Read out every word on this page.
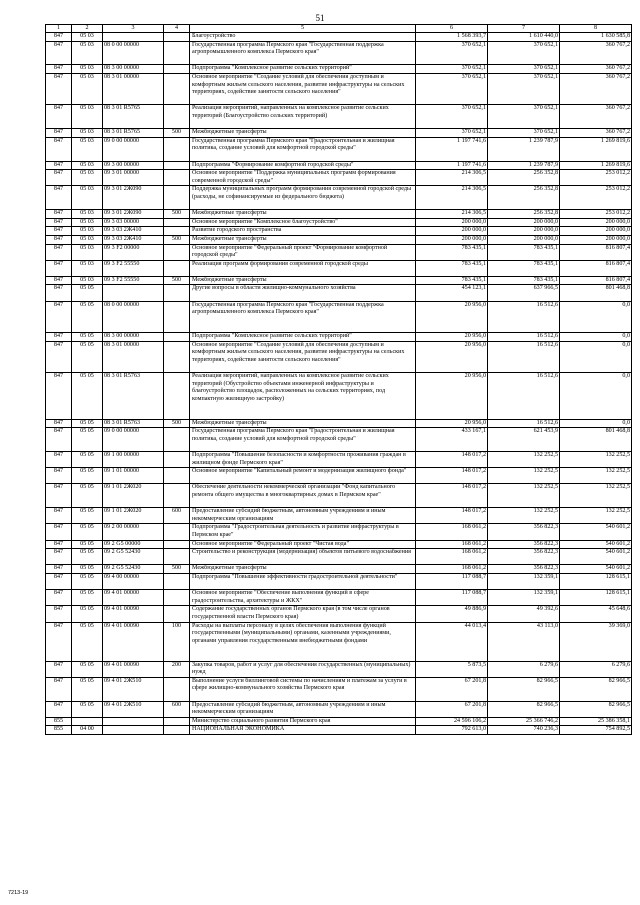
51
1	2	3	4	5	6	7	8
847	05 03			Благоустройство	1 568 393,7	1 610 440,0	1 630 585,8
847	05 03	08 0 00 00000		Государственная программа Пермского края "Государственная поддержка агропромышленного комплекса Пермского края"	370 652,1	370 652,1	360 767,2
847	05 03	08 3 00 00000		Подпрограмма "Комплексное развитие сельских территорий"	370 652,1	370 652,1	360 767,2
847	05 03	08 3 01 00000		Основное мероприятие "Создание условий для обеспечения доступным и комфортным жильем сельского населения, развитие инфраструктуры на сельских территориях, содействие занятости сельского населения"	370 652,1	370 652,1	360 767,2
847	05 03	08 3 01 R5765		Реализация мероприятий, направленных на комплексное развитие сельских территорий (Благоустройство сельских территорий)	370 652,1	370 652,1	360 767,2
847	05 03	08 3 01 R5765	500	Межбюджетные трансферты	370 652,1	370 652,1	360 767,2
847	05 03	09 0 00 00000		Государственная программа Пермского края "Градостроительная и жилищная политика, создание условий для комфортной городской среды"	1 197 741,6	1 239 787,9	1 269 819,6
847	05 03	09 3 00 00000		Подпрограмма "Формирование комфортной городской среды"	1 197 741,6	1 239 787,9	1 269 819,6
847	05 03	09 3 01 00000		Основное мероприятие "Поддержка муниципальных программ формирования современной городской среды"	214 306,5	256 352,8	253 012,2
847	05 03	09 3 01 2Ж090		Поддержка муниципальных программ формирования современной городской среды (расходы, не софинансируемые из федерального бюджета)	214 306,5	256 352,8	253 012,2
847	05 03	09 3 01 2Ж090	500	Межбюджетные трансферты	214 306,5	256 352,8	253 012,2
847	05 03	09 3 03 00000		Основное мероприятие "Комплексное благоустройство"	200 000,0	200 000,0	200 000,0
847	05 03	09 3 03 2Ж410		Развитие городского пространства	200 000,0	200 000,0	200 000,0
847	05 03	09 3 03 2Ж410	500	Межбюджетные трансферты	200 000,0	200 000,0	200 000,0
847	05 03	09 3 F2 00000		Основное мероприятие "Федеральный проект "Формирование комфортной городской среды"	783 435,1	783 435,1	816 807,4
847	05 03	09 3 F2 55550		Реализация программ формирования современной городской среды	783 435,1	783 435,1	816 807,4
847	05 03	09 3 F2 55550	500	Межбюджетные трансферты	783 435,1	783 435,1	816 807,4
847	05 05			Другие вопросы в области жилищно-коммунального хозяйства	454 123,1	637 966,5	801 468,8
847	05 05	08 0 00 00000		Государственная программа Пермского края "Государственная поддержка агропромышленного комплекса Пермского края"	20 956,0	16 512,6	0,0
847	05 05	08 3 00 00000		Подпрограмма "Комплексное развитие сельских территорий"	20 956,0	16 512,6	0,0
847	05 05	08 3 01 00000		Основное мероприятие "Создание условий для обеспечения доступным и комфортным жильем сельского населения, развитие инфраструктуры на сельских территориях, содействие занятости сельского населения"	20 956,0	16 512,6	0,0
847	05 05	08 3 01 R5763		Реализация мероприятий, направленных на комплексное развитие сельских территорий (Обустройство объектами инженерной инфраструктуры и благоустройство площадок, расположенных на сельских территориях, под компактную жилищную застройку)	20 956,0	16 512,6	0,0
847	05 05	08 3 01 R5763	500	Межбюджетные трансферты	20 956,0	16 512,6	0,0
847	05 05	09 0 00 00000		Государственная программа Пермского края "Градостроительная и жилищная политика, создание условий для комфортной городской среды"	433 167,1	621 453,9	801 468,8
847	05 05	09 1 00 00000		Подпрограмма "Повышение безопасности и комфортности проживания граждан в жилищном фонде Пермского края"	148 017,2	132 252,5	132 252,5
847	05 05	09 1 01 00000		Основное мероприятие "Капитальный ремонт и модернизация жилищного фонда"	148 017,2	132 252,5	132 252,5
847	05 05	09 1 01 2Ж020		Обеспечение деятельности некоммерческой организации "Фонд капитального ремонта общего имущества в многоквартирных домах в Пермском крае"	148 017,2	132 252,5	132 252,5
847	05 05	09 1 01 2Ж020	600	Предоставление субсидий бюджетным, автономным учреждениям и иным некоммерческим организациям	148 017,2	132 252,5	132 252,5
847	05 05	09 2 00 00000		Подпрограмма "Градостроительная деятельность и развитие инфраструктуры в Пермском крае"	168 061,2	356 822,3	540 601,2
847	05 05	09 2 G5 00000		Основное мероприятие "Федеральный проект "Чистая вода"	168 061,2	356 822,3	540 601,2
847	05 05	09 2 G5 52430		Строительство и реконструкция (модернизация) объектов питьевого водоснабжения	168 061,2	356 822,3	540 601,2
847	05 05	09 2 G5 52430	500	Межбюджетные трансферты	168 061,2	356 822,3	540 601,2
847	05 05	09 4 00 00000		Подпрограмма "Повышение эффективности градостроительной деятельности"	117 088,7	132 359,1	128 615,1
847	05 05	09 4 01 00000		Основное мероприятие "Обеспечение выполнения функций в сфере градостроительства, архитектуры и ЖКХ"	117 088,7	132 359,1	128 615,1
847	05 05	09 4 01 00090		Содержание государственных органов Пермского края (в том числе органов государственной власти Пермского края)	49 886,9	49 392,6	45 648,6
847	05 05	09 4 01 00090	100	Расходы на выплаты персоналу в целях обеспечения выполнения функций государственными (муниципальными) органами, казенными учреждениями, органами управления государственными внебюджетными фондами	44 013,4	43 113,0	39 369,0
847	05 05	09 4 01 00090	200	Закупка товаров, работ и услуг для обеспечения государственных (муниципальных) нужд	5 873,5	6 279,6	6 279,6
847	05 05	09 4 01 2Ж510		Выполнение услуги биллинговой системы по начислениям и платежам за услуги в сфере жилищно-коммунального хозяйства Пермского края	67 201,8	82 966,5	82 966,5
847	05 05	09 4 01 2Ж510	600	Предоставление субсидий бюджетным, автономным учреждениям и иным некоммерческим организациям	67 201,8	82 966,5	82 966,5
855				Министерство социального развития Пермского края	24 596 106,2	25 366 746,2	25 386 358,1
855	04 00			НАЦИОНАЛЬНАЯ ЭКОНОМИКА	792 613,0	740 236,3	754 892,5
7213-19
